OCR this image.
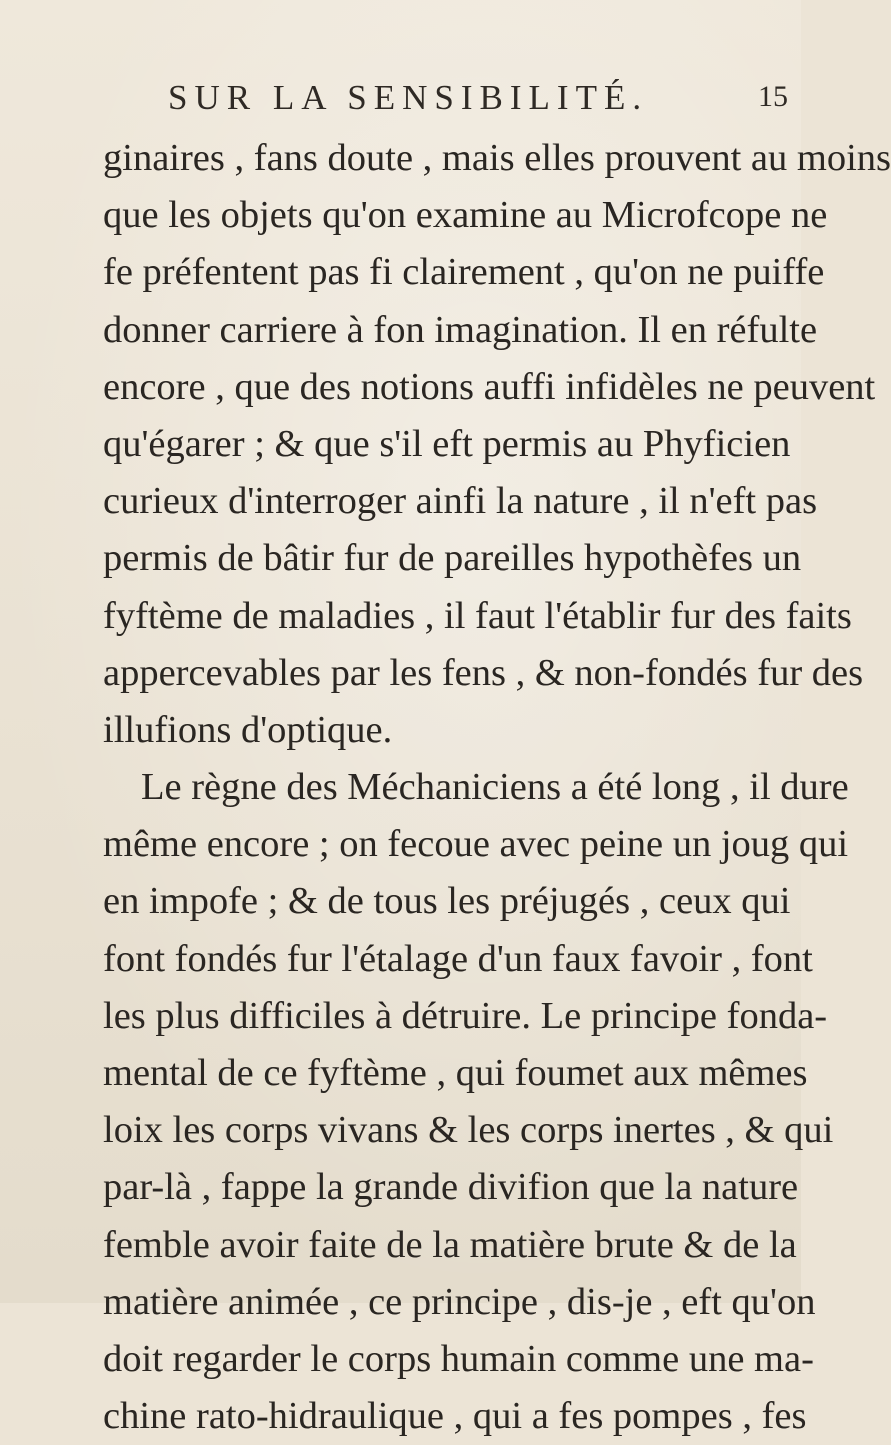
SUR LA SENSIBILITÉ.	15
ginaires , fans doute , mais elles prouvent au moins
que les objets qu'on examine au Microfcope ne
fe préfentent pas fi clairement , qu'on ne puiffe
donner carriere à fon imagination. Il en réfulte
encore , que des notions auffi infidèles ne peuvent
qu'égarer ; & que s'il eft permis au Phyficien
curieux d'interroger ainfi la nature , il n'eft pas
permis de bâtir fur de pareilles hypothèfes un
fyftème de maladies , il faut l'établir fur des faits
appercevables par les fens , & non-fondés fur des
illufions d'optique.
Le règne des Méchaniciens a été long , il dure
même encore ; on fecoue avec peine un joug qui
en impofe ; & de tous les préjugés , ceux qui
font fondés fur l'étalage d'un faux favoir , font
les plus difficiles à détruire. Le principe fonda-
mental de ce fyftème , qui foumet aux mêmes
loix les corps vivans & les corps inertes , & qui
par-là , fappe la grande divifion que la nature
femble avoir faite de la matière brute & de la
matière animée , ce principe , dis-je , eft qu'on
doit regarder le corps humain comme une ma-
chine rato-hidraulique , qui a fes pompes , fes
